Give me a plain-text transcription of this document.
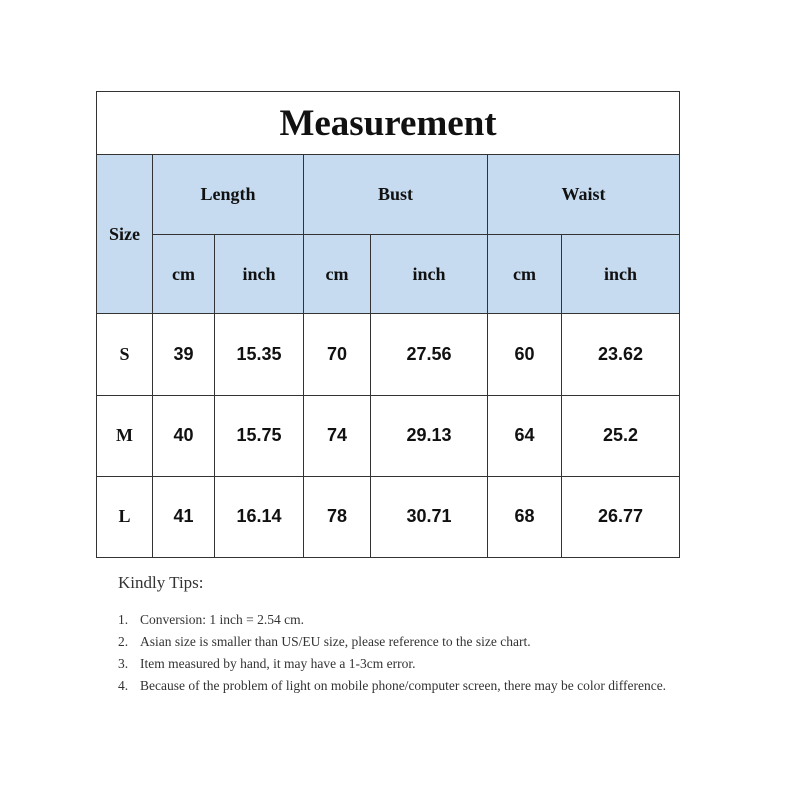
Measurement						
Size	Length		Bust		Waist	
	cm	inch	cm	inch	cm	inch
S	39	15.35	70	27.56	60	23.62
M	40	15.75	74	29.13	64	25.2
L	41	16.14	78	30.71	68	26.77

Kindly Tips:

1. Conversion: 1 inch = 2.54 cm.
2. Asian size is smaller than US/EU size, please reference to the size chart.
3. Item measured by hand, it may have a 1-3cm error.
4. Because of the problem of light on mobile phone/computer screen, there may be color difference.
